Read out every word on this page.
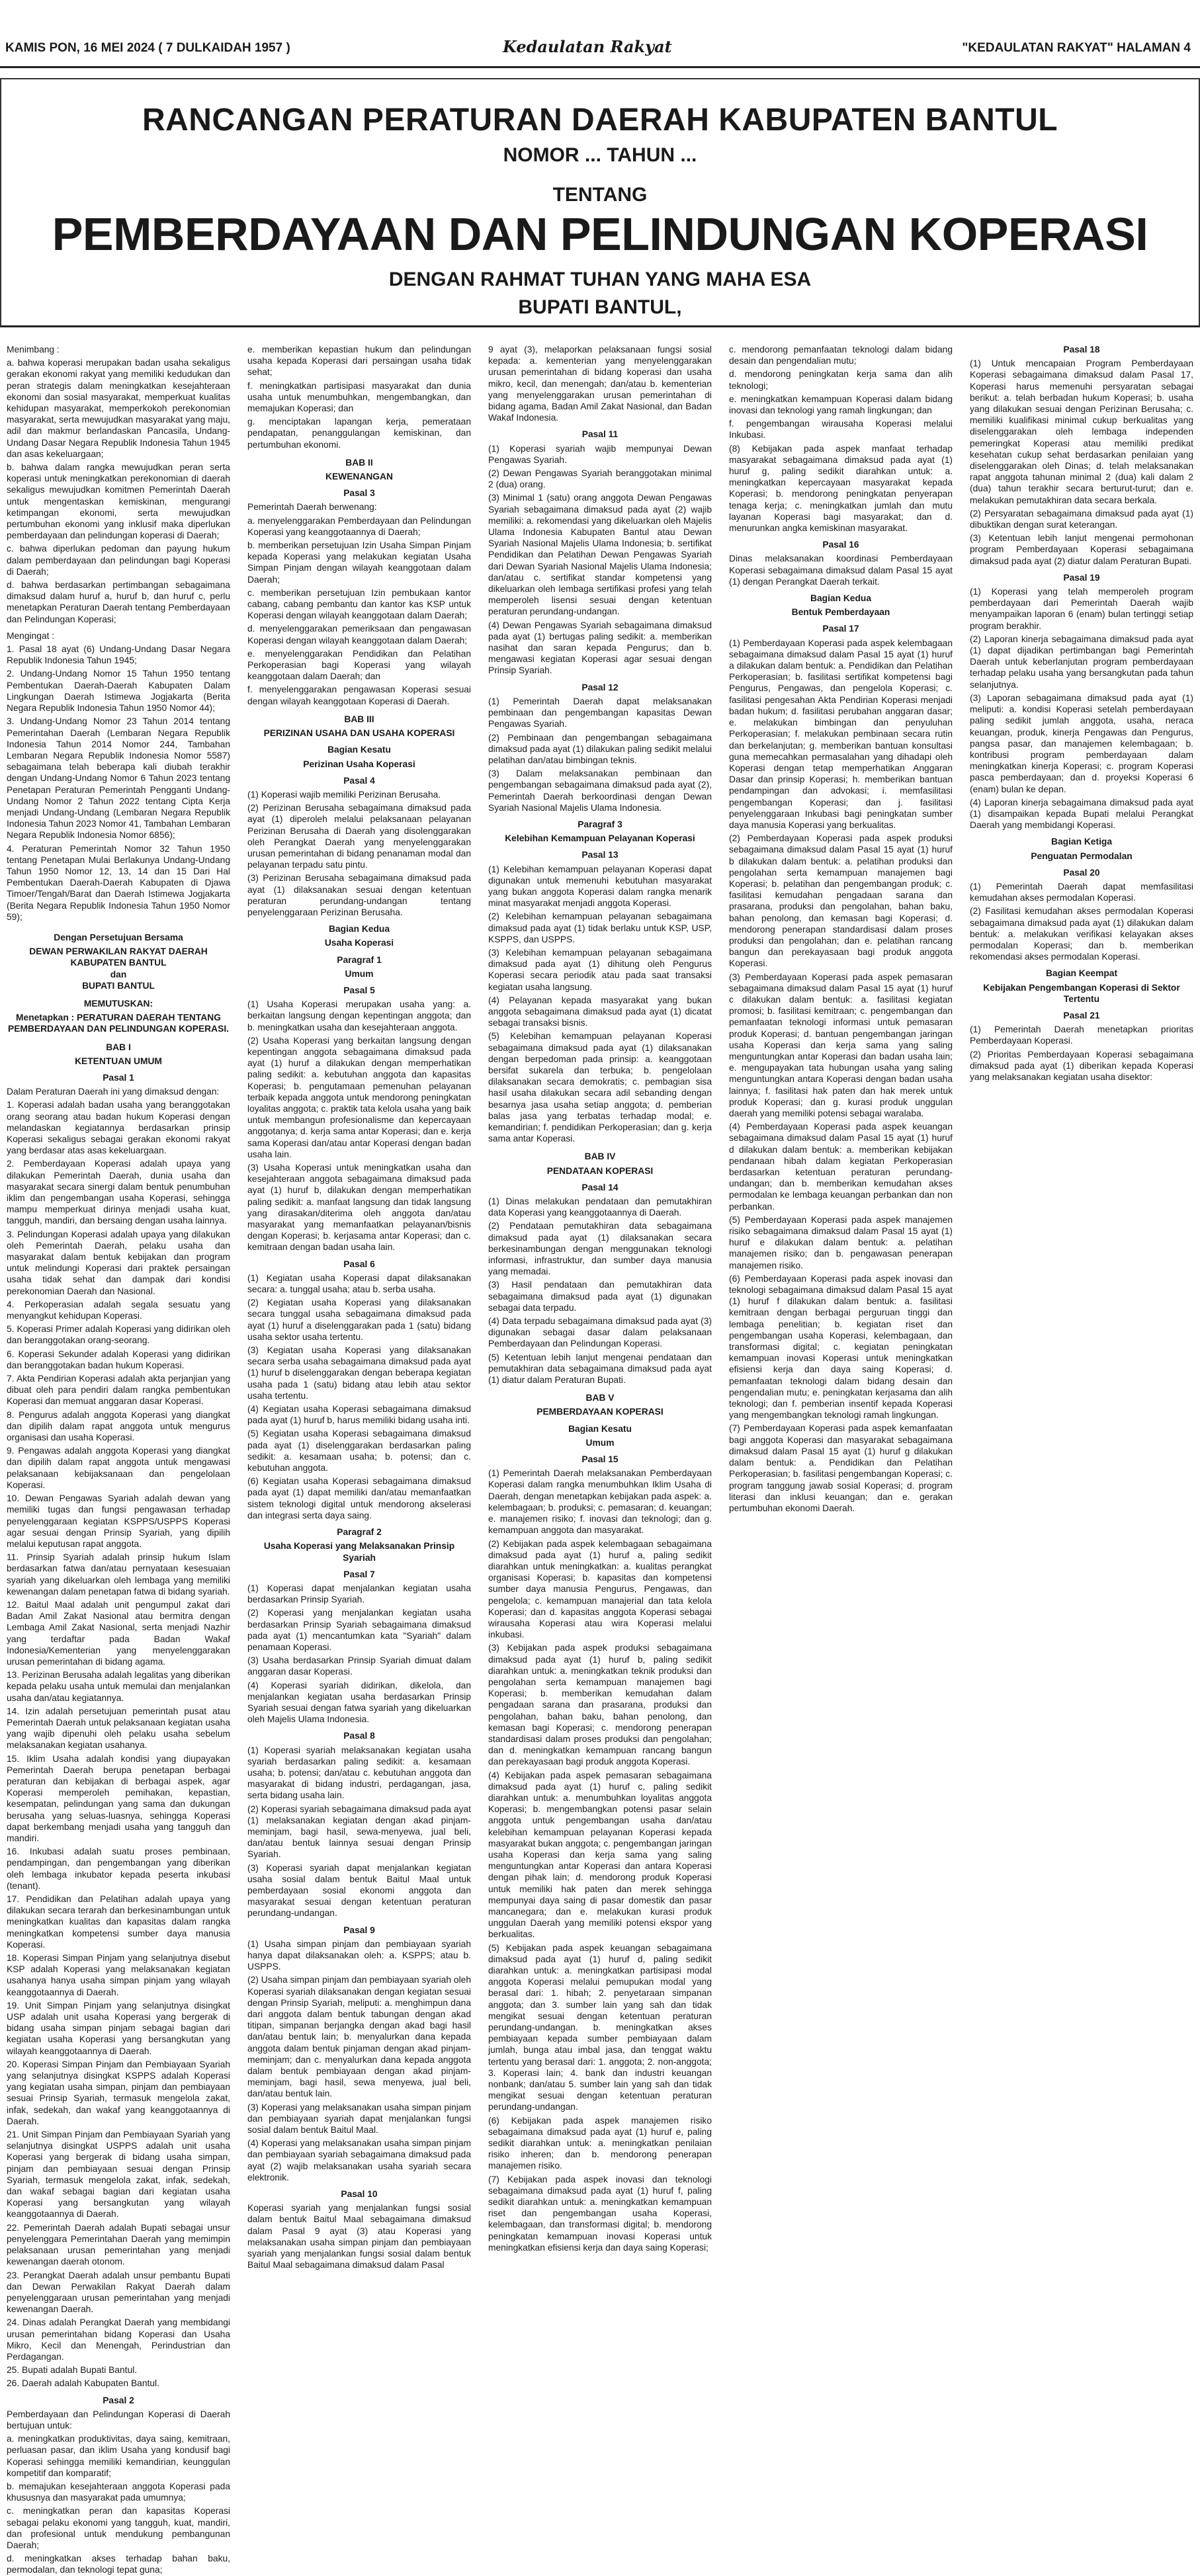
KAMIS PON, 16 MEI 2024 ( 7 DULKAIDAH 1957 )	Kedaulatan Rakyat	"KEDAULATAN RAKYAT" HALAMAN 4
RANCANGAN PERATURAN DAERAH KABUPATEN BANTUL
NOMOR ... TAHUN ...
TENTANG
PEMBERDAYAAN DAN PELINDUNGAN KOPERASI
DENGAN RAHMAT TUHAN YANG MAHA ESA
BUPATI BANTUL,

Menimbang :

a. bahwa koperasi merupakan badan usaha sekaligus gerakan ekonomi rakyat yang memiliki kedudukan dan peran strategis dalam meningkatkan kesejahteraan ekonomi dan sosial masyarakat, memperkuat kualitas kehidupan masyarakat, memperkokoh perekonomian masyarakat, serta mewujudkan masyarakat yang maju, adil dan makmur berlandaskan Pancasila, Undang-Undang Dasar Negara Republik Indonesia Tahun 1945 dan asas kekeluargaan;

b. bahwa dalam rangka mewujudkan peran serta koperasi untuk meningkatkan perekonomian di daerah sekaligus mewujudkan komitmen Pemerintah Daerah untuk mengentaskan kemiskinan, mengurangi ketimpangan ekonomi, serta mewujudkan pertumbuhan ekonomi yang inklusif maka diperlukan pemberdayaan dan pelindungan koperasi di Daerah;

c. bahwa diperlukan pedoman dan payung hukum dalam pemberdayaan dan pelindungan bagi Koperasi di Daerah;

d. bahwa berdasarkan pertimbangan sebagaimana dimaksud dalam huruf a, huruf b, dan huruf c, perlu menetapkan Peraturan Daerah tentang Pemberdayaan dan Pelindungan Koperasi;

Mengingat :

1. Pasal 18 ayat (6) Undang-Undang Dasar Negara Republik Indonesia Tahun 1945;

2. Undang-Undang Nomor 15 Tahun 1950 tentang Pembentukan Daerah-Daerah Kabupaten Dalam Lingkungan Daerah Istimewa Jogjakarta (Berita Negara Republik Indonesia Tahun 1950 Nomor 44);

3. Undang-Undang Nomor 23 Tahun 2014 tentang Pemerintahan Daerah (Lembaran Negara Republik Indonesia Tahun 2014 Nomor 244, Tambahan Lembaran Negara Republik Indonesia Nomor 5587) sebagaimana telah beberapa kali diubah terakhir dengan Undang-Undang Nomor 6 Tahun 2023 tentang Penetapan Peraturan Pemerintah Pengganti Undang-Undang Nomor 2 Tahun 2022 tentang Cipta Kerja menjadi Undang-Undang (Lembaran Negara Republik Indonesia Tahun 2023 Nomor 41, Tambahan Lembaran Negara Republik Indonesia Nomor 6856);

4. Peraturan Pemerintah Nomor 32 Tahun 1950 tentang Penetapan Mulai Berlakunya Undang-Undang Tahun 1950 Nomor 12, 13, 14 dan 15 Dari Hal Pembentukan Daerah-Daerah Kabupaten di Djawa Timoer/Tengah/Barat dan Daerah Istimewa Jogjakarta (Berita Negara Republik Indonesia Tahun 1950 Nomor 59);

Dengan Persetujuan Bersama
DEWAN PERWAKILAN RAKYAT DAERAH KABUPATEN BANTUL
dan
BUPATI BANTUL
MEMUTUSKAN:
Menetapkan : PERATURAN DAERAH TENTANG PEMBERDAYAAN DAN PELINDUNGAN KOPERASI.
BAB I
KETENTUAN UMUM
Pasal 1

Dalam Peraturan Daerah ini yang dimaksud dengan:

1. Koperasi adalah badan usaha yang beranggotakan orang seorang atau badan hukum Koperasi dengan melandaskan kegiatannya berdasarkan prinsip Koperasi sekaligus sebagai gerakan ekonomi rakyat yang berdasar atas asas kekeluargaan.

2. Pemberdayaan Koperasi adalah upaya yang dilakukan Pemerintah Daerah, dunia usaha dan masyarakat secara sinergi dalam bentuk penumbuhan iklim dan pengembangan usaha Koperasi, sehingga mampu memperkuat dirinya menjadi usaha kuat, tangguh, mandiri, dan bersaing dengan usaha lainnya.

3. Pelindungan Koperasi adalah upaya yang dilakukan oleh Pemerintah Daerah, pelaku usaha dan masyarakat dalam bentuk kebijakan dan program untuk melindungi Koperasi dari praktek persaingan usaha tidak sehat dan dampak dari kondisi perekonomian Daerah dan Nasional.

4. Perkoperasian adalah segala sesuatu yang menyangkut kehidupan Koperasi.

5. Koperasi Primer adalah Koperasi yang didirikan oleh dan beranggotakan orang-seorang.

6. Koperasi Sekunder adalah Koperasi yang didirikan dan beranggotakan badan hukum Koperasi.

7. Akta Pendirian Koperasi adalah akta perjanjian yang dibuat oleh para pendiri dalam rangka pembentukan Koperasi dan memuat anggaran dasar Koperasi.

8. Pengurus adalah anggota Koperasi yang diangkat dan dipilih dalam rapat anggota untuk mengurus organisasi dan usaha Koperasi.

9. Pengawas adalah anggota Koperasi yang diangkat dan dipilih dalam rapat anggota untuk mengawasi pelaksanaan kebijaksanaan dan pengelolaan Koperasi.

10. Dewan Pengawas Syariah adalah dewan yang memiliki tugas dan fungsi pengawasan terhadap penyelenggaraan kegiatan KSPPS/USPPS Koperasi agar sesuai dengan Prinsip Syariah, yang dipilih melalui keputusan rapat anggota.

11. Prinsip Syariah adalah prinsip hukum Islam berdasarkan fatwa dan/atau pernyataan kesesuaian syariah yang dikeluarkan oleh lembaga yang memiliki kewenangan dalam penetapan fatwa di bidang syariah.

12. Baitul Maal adalah unit pengumpul zakat dari Badan Amil Zakat Nasional atau bermitra dengan Lembaga Amil Zakat Nasional, serta menjadi Nazhir yang terdaftar pada Badan Wakaf Indonesia/Kementerian yang menyelenggarakan urusan pemerintahan di bidang agama.

13. Perizinan Berusaha adalah legalitas yang diberikan kepada pelaku usaha untuk memulai dan menjalankan usaha dan/atau kegiatannya.

14. Izin adalah persetujuan pemerintah pusat atau Pemerintah Daerah untuk pelaksanaan kegiatan usaha yang wajib dipenuhi oleh pelaku usaha sebelum melaksanakan kegiatan usahanya.

15. Iklim Usaha adalah kondisi yang diupayakan Pemerintah Daerah berupa penetapan berbagai peraturan dan kebijakan di berbagai aspek, agar Koperasi memperoleh pemihakan, kepastian, kesempatan, pelindungan yang sama dan dukungan berusaha yang seluas-luasnya, sehingga Koperasi dapat berkembang menjadi usaha yang tangguh dan mandiri.

16. Inkubasi adalah suatu proses pembinaan, pendampingan, dan pengembangan yang diberikan oleh lembaga inkubator kepada peserta inkubasi (tenant).

17. Pendidikan dan Pelatihan adalah upaya yang dilakukan secara terarah dan berkesinambungan untuk meningkatkan kualitas dan kapasitas dalam rangka meningkatkan kompetensi sumber daya manusia Koperasi.

18. Koperasi Simpan Pinjam yang selanjutnya disebut KSP adalah Koperasi yang melaksanakan kegiatan usahanya hanya usaha simpan pinjam yang wilayah keanggotaannya di Daerah.

19. Unit Simpan Pinjam yang selanjutnya disingkat USP adalah unit usaha Koperasi yang bergerak di bidang usaha simpan pinjam sebagai bagian dari kegiatan usaha Koperasi yang bersangkutan yang wilayah keanggotaannya di Daerah.

20. Koperasi Simpan Pinjam dan Pembiayaan Syariah yang selanjutnya disingkat KSPPS adalah Koperasi yang kegiatan usaha simpan, pinjam dan pembiayaan sesuai Prinsip Syariah, termasuk mengelola zakat, infak, sedekah, dan wakaf yang keanggotaannya di Daerah.

21. Unit Simpan Pinjam dan Pembiayaan Syariah yang selanjutnya disingkat USPPS adalah unit usaha Koperasi yang bergerak di bidang usaha simpan, pinjam dan pembiayaan sesuai dengan Prinsip Syariah, termasuk mengelola zakat, infak, sedekah, dan wakaf sebagai bagian dari kegiatan usaha Koperasi yang bersangkutan yang wilayah keanggotaannya di Daerah.

22. Pemerintah Daerah adalah Bupati sebagai unsur penyelenggara Pemerintahan Daerah yang memimpin pelaksanaan urusan pemerintahan yang menjadi kewenangan daerah otonom.

23. Perangkat Daerah adalah unsur pembantu Bupati dan Dewan Perwakilan Rakyat Daerah dalam penyelenggaraan urusan pemerintahan yang menjadi kewenangan Daerah.

24. Dinas adalah Perangkat Daerah yang membidangi urusan pemerintahan bidang Koperasi dan Usaha Mikro, Kecil dan Menengah, Perindustrian dan Perdagangan.

25. Bupati adalah Bupati Bantul.

26. Daerah adalah Kabupaten Bantul.

Pasal 2

Pemberdayaan dan Pelindungan Koperasi di Daerah bertujuan untuk:

a. meningkatkan produktivitas, daya saing, kemitraan, perluasan pasar, dan iklim Usaha yang kondusif bagi Koperasi sehingga memiliki kemandirian, keunggulan kompetitif dan komparatif;

b. memajukan kesejahteraan anggota Koperasi pada khususnya dan masyarakat pada umumnya;

c. meningkatkan peran dan kapasitas Koperasi sebagai pelaku ekonomi yang tangguh, kuat, mandiri, dan profesional untuk mendukung pembangunan Daerah;

d. meningkatkan akses terhadap bahan baku, permodalan, dan teknologi tepat guna;

e. memberikan kepastian hukum dan pelindungan usaha kepada Koperasi dari persaingan usaha tidak sehat;

f. meningkatkan partisipasi masyarakat dan dunia usaha untuk menumbuhkan, mengembangkan, dan memajukan Koperasi; dan

g. menciptakan lapangan kerja, pemerataan pendapatan, penanggulangan kemiskinan, dan pertumbuhan ekonomi.

BAB II
KEWENANGAN
Pasal 3

Pemerintah Daerah berwenang:

a. menyelenggarakan Pemberdayaan dan Pelindungan Koperasi yang keanggotaannya di Daerah;

b. memberikan persetujuan Izin Usaha Simpan Pinjam kepada Koperasi yang melakukan kegiatan Usaha Simpan Pinjam dengan wilayah keanggotaan dalam Daerah;

c. memberikan persetujuan Izin pembukaan kantor cabang, cabang pembantu dan kantor kas KSP untuk Koperasi dengan wilayah keanggotaan dalam Daerah;

d. menyelenggarakan pemeriksaan dan pengawasan Koperasi dengan wilayah keanggotaan dalam Daerah;

e. menyelenggarakan Pendidikan dan Pelatihan Perkoperasian bagi Koperasi yang wilayah keanggotaan dalam Daerah; dan

f. menyelenggarakan pengawasan Koperasi sesuai dengan wilayah keanggotaan Koperasi di Daerah.

BAB III
PERIZINAN USAHA DAN USAHA KOPERASI
Bagian Kesatu
Perizinan Usaha Koperasi
Pasal 4

(1) Koperasi wajib memiliki Perizinan Berusaha.

(2) Perizinan Berusaha sebagaimana dimaksud pada ayat (1) diperoleh melalui pelaksanaan pelayanan Perizinan Berusaha di Daerah yang disolenggarakan oleh Perangkat Daerah yang menyelenggarakan urusan pemerintahan di bidang penanaman modal dan pelayanan terpadu satu pintu.

(3) Perizinan Berusaha sebagaimana dimaksud pada ayat (1) dilaksanakan sesuai dengan ketentuan peraturan perundang-undangan tentang penyelenggaraan Perizinan Berusaha.

Bagian Kedua
Usaha Koperasi
Paragraf 1
Umum
Pasal 5

(1) Usaha Koperasi merupakan usaha yang: a. berkaitan langsung dengan kepentingan anggota; dan b. meningkatkan usaha dan kesejahteraan anggota.

(2) Usaha Koperasi yang berkaitan langsung dengan kepentingan anggota sebagaimana dimaksud pada ayat (1) huruf a dilakukan dengan memperhatikan paling sedikit: a. kebutuhan anggota dan kapasitas Koperasi; b. pengutamaan pemenuhan pelayanan terbaik kepada anggota untuk mendorong peningkatan loyalitas anggota; c. praktik tata kelola usaha yang baik untuk membangun profesionalisme dan kepercayaan anggotanya; d. kerja sama antar Koperasi; dan e. kerja sama Koperasi dan/atau antar Koperasi dengan badan usaha lain.

(3) Usaha Koperasi untuk meningkatkan usaha dan kesejahteraan anggota sebagaimana dimaksud pada ayat (1) huruf b, dilakukan dengan memperhatikan paling sedikit: a. manfaat langsung dan tidak langsung yang dirasakan/diterima oleh anggota dan/atau masyarakat yang memanfaatkan pelayanan/bisnis dengan Koperasi; b. kerjasama antar Koperasi; dan c. kemitraan dengan badan usaha lain.

Pasal 6

(1) Kegiatan usaha Koperasi dapat dilaksanakan secara: a. tunggal usaha; atau b. serba usaha.

(2) Kegiatan usaha Koperasi yang dilaksanakan secara tunggal usaha sebagaimana dimaksud pada ayat (1) huruf a diselenggarakan pada 1 (satu) bidang usaha sektor usaha tertentu.

(3) Kegiatan usaha Koperasi yang dilaksanakan secara serba usaha sebagaimana dimaksud pada ayat (1) huruf b diselenggarakan dengan beberapa kegiatan usaha pada 1 (satu) bidang atau lebih atau sektor usaha tertentu.

(4) Kegiatan usaha Koperasi sebagaimana dimaksud pada ayat (1) huruf b, harus memiliki bidang usaha inti.

(5) Kegiatan usaha Koperasi sebagaimana dimaksud pada ayat (1) diselenggarakan berdasarkan paling sedikit: a. kesamaan usaha; b. potensi; dan c. kebutuhan anggota.

(6) Kegiatan usaha Koperasi sebagaimana dimaksud pada ayat (1) dapat memiliki dan/atau memanfaatkan sistem teknologi digital untuk mendorong akselerasi dan integrasi serta daya saing.

Paragraf 2
Usaha Koperasi yang Melaksanakan Prinsip Syariah
Pasal 7

(1) Koperasi dapat menjalankan kegiatan usaha berdasarkan Prinsip Syariah.

(2) Koperasi yang menjalankan kegiatan usaha berdasarkan Prinsip Syariah sebagaimana dimaksud pada ayat (1) mencantumkan kata "Syariah" dalam penamaan Koperasi.

(3) Usaha berdasarkan Prinsip Syariah dimuat dalam anggaran dasar Koperasi.

(4) Koperasi syariah didirikan, dikelola, dan menjalankan kegiatan usaha berdasarkan Prinsip Syariah sesuai dengan fatwa syariah yang dikeluarkan oleh Majelis Ulama Indonesia.

Pasal 8

(1) Koperasi syariah melaksanakan kegiatan usaha syariah berdasarkan paling sedikit: a. kesamaan usaha; b. potensi; dan/atau c. kebutuhan anggota dan masyarakat di bidang industri, perdagangan, jasa, serta bidang usaha lain.

(2) Koperasi syariah sebagaimana dimaksud pada ayat (1) melaksanakan kegiatan dengan akad pinjam-meminjam, bagi hasil, sewa-menyewa, jual beli, dan/atau bentuk lainnya sesuai dengan Prinsip Syariah.

(3) Koperasi syariah dapat menjalankan kegiatan usaha sosial dalam bentuk Baitul Maal untuk pemberdayaan sosial ekonomi anggota dan masyarakat sesuai dengan ketentuan peraturan perundang-undangan.

Pasal 9

(1) Usaha simpan pinjam dan pembiayaan syariah hanya dapat dilaksanakan oleh: a. KSPPS; atau b. USPPS.

(2) Usaha simpan pinjam dan pembiayaan syariah oleh Koperasi syariah dilaksanakan dengan kegiatan sesuai dengan Prinsip Syariah, meliputi: a. menghimpun dana dari anggota dalam bentuk tabungan dengan akad titipan, simpanan berjangka dengan akad bagi hasil dan/atau bentuk lain; b. menyalurkan dana kepada anggota dalam bentuk pinjaman dengan akad pinjam-meminjam; dan c. menyalurkan dana kepada anggota dalam bentuk pembiayaan dengan akad pinjam-meminjam, bagi hasil, sewa menyewa, jual beli, dan/atau bentuk lain.

(3) Koperasi yang melaksanakan usaha simpan pinjam dan pembiayaan syariah dapat menjalankan fungsi sosial dalam bentuk Baitul Maal.

(4) Koperasi yang melaksanakan usaha simpan pinjam dan pembiayaan syariah sebagaimana dimaksud pada ayat (2) wajib melaksanakan usaha syariah secara elektronik.

Pasal 10

Koperasi syariah yang menjalankan fungsi sosial dalam bentuk Baitul Maal sebagaimana dimaksud dalam Pasal 9 ayat (3) atau Koperasi yang melaksanakan usaha simpan pinjam dan pembiayaan syariah yang menjalankan fungsi sosial dalam bentuk Baitul Maal sebagaimana dimaksud dalam Pasal

9 ayat (3), melaporkan pelaksanaan fungsi sosial kepada: a. kementerian yang menyelenggarakan urusan pemerintahan di bidang koperasi dan usaha mikro, kecil, dan menengah; dan/atau b. kementerian yang menyelenggarakan urusan pemerintahan di bidang agama, Badan Amil Zakat Nasional, dan Badan Wakaf Indonesia.

Pasal 11

(1) Koperasi syariah wajib mempunyai Dewan Pengawas Syariah.

(2) Dewan Pengawas Syariah beranggotakan minimal 2 (dua) orang.

(3) Minimal 1 (satu) orang anggota Dewan Pengawas Syariah sebagaimana dimaksud pada ayat (2) wajib memiliki: a. rekomendasi yang dikeluarkan oleh Majelis Ulama Indonesia Kabupaten Bantul atau Dewan Syariah Nasional Majelis Ulama Indonesia; b. sertifikat Pendidikan dan Pelatihan Dewan Pengawas Syariah dari Dewan Syariah Nasional Majelis Ulama Indonesia; dan/atau c. sertifikat standar kompetensi yang dikeluarkan oleh lembaga sertifikasi profesi yang telah memperoleh lisensi sesuai dengan ketentuan peraturan perundang-undangan.

(4) Dewan Pengawas Syariah sebagaimana dimaksud pada ayat (1) bertugas paling sedikit: a. memberikan nasihat dan saran kepada Pengurus; dan b. mengawasi kegiatan Koperasi agar sesuai dengan Prinsip Syariah.

Pasal 12

(1) Pemerintah Daerah dapat melaksanakan pembinaan dan pengembangan kapasitas Dewan Pengawas Syariah.

(2) Pembinaan dan pengembangan sebagaimana dimaksud pada ayat (1) dilakukan paling sedikit melalui pelatihan dan/atau bimbingan teknis.

(3) Dalam melaksanakan pembinaan dan pengembangan sebagaimana dimaksud pada ayat (2), Pemerintah Daerah berkoordinasi dengan Dewan Syariah Nasional Majelis Ulama Indonesia.

Paragraf 3
Kelebihan Kemampuan Pelayanan Koperasi
Pasal 13

(1) Kelebihan kemampuan pelayanan Koperasi dapat digunakan untuk memenuhi kebutuhan masyarakat yang bukan anggota Koperasi dalam rangka menarik minat masyarakat menjadi anggota Koperasi.

(2) Kelebihan kemampuan pelayanan sebagaimana dimaksud pada ayat (1) tidak berlaku untuk KSP, USP, KSPPS, dan USPPS.

(3) Kelebihan kemampuan pelayanan sebagaimana dimaksud pada ayat (1) dihitung oleh Pengurus Koperasi secara periodik atau pada saat transaksi kegiatan usaha langsung.

(4) Pelayanan kepada masyarakat yang bukan anggota sebagaimana dimaksud pada ayat (1) dicatat sebagai transaksi bisnis.

(5) Kelebihan kemampuan pelayanan Koperasi sebagaimana dimaksud pada ayat (1) dilaksanakan dengan berpedoman pada prinsip: a. keanggotaan bersifat sukarela dan terbuka; b. pengelolaan dilaksanakan secara demokratis; c. pembagian sisa hasil usaha dilakukan secara adil sebanding dengan besarnya jasa usaha setiap anggota; d. pemberian balas jasa yang terbatas terhadap modal; e. kemandirian; f. pendidikan Perkoperasian; dan g. kerja sama antar Koperasi.

BAB IV
PENDATAAN KOPERASI
Pasal 14

(1) Dinas melakukan pendataan dan pemutakhiran data Koperasi yang keanggotaannya di Daerah.

(2) Pendataan pemutakhiran data sebagaimana dimaksud pada ayat (1) dilaksanakan secara berkesinambungan dengan menggunakan teknologi informasi, infrastruktur, dan sumber daya manusia yang memadai.

(3) Hasil pendataan dan pemutakhiran data sebagaimana dimaksud pada ayat (1) digunakan sebagai data terpadu.

(4) Data terpadu sebagaimana dimaksud pada ayat (3) digunakan sebagai dasar dalam pelaksanaan Pemberdayaan dan Pelindungan Koperasi.

(5) Ketentuan lebih lanjut mengenai pendataan dan pemutakhiran data sebagaimana dimaksud pada ayat (1) diatur dalam Peraturan Bupati.

BAB V
PEMBERDAYAAN KOPERASI
Bagian Kesatu
Umum
Pasal 15

(1) Pemerintah Daerah melaksanakan Pemberdayaan Koperasi dalam rangka menumbuhkan Iklim Usaha di Daerah, dengan menetapkan kebijakan pada aspek: a. kelembagaan; b. produksi; c. pemasaran; d. keuangan; e. manajemen risiko; f. inovasi dan teknologi; dan g. kemampuan anggota dan masyarakat.

(2) Kebijakan pada aspek kelembagaan sebagaimana dimaksud pada ayat (1) huruf a, paling sedikit diarahkan untuk meningkatkan: a. kualitas perangkat organisasi Koperasi; b. kapasitas dan kompetensi sumber daya manusia Pengurus, Pengawas, dan pengelola; c. kemampuan manajerial dan tata kelola Koperasi; dan d. kapasitas anggota Koperasi sebagai wirausaha Koperasi atau wira Koperasi melalui inkubasi.

(3) Kebijakan pada aspek produksi sebagaimana dimaksud pada ayat (1) huruf b, paling sedikit diarahkan untuk: a. meningkatkan teknik produksi dan pengolahan serta kemampuan manajemen bagi Koperasi; b. memberikan kemudahan dalam pengadaan sarana dan prasarana, produksi dan pengolahan, bahan baku, bahan penolong, dan kemasan bagi Koperasi; c. mendorong penerapan standardisasi dalam proses produksi dan pengolahan; dan d. meningkatkan kemampuan rancang bangun dan perekayasaan bagi produk anggota Koperasi.

(4) Kebijakan pada aspek pemasaran sebagaimana dimaksud pada ayat (1) huruf c, paling sedikit diarahkan untuk: a. menumbuhkan loyalitas anggota Koperasi; b. mengembangkan potensi pasar selain anggota untuk pengembangan usaha dan/atau kelebihan kemampuan pelayanan Koperasi kepada masyarakat bukan anggota; c. pengembangan jaringan usaha Koperasi dan kerja sama yang saling menguntungkan antar Koperasi dan antara Koperasi dengan pihak lain; d. mendorong produk Koperasi untuk memiliki hak paten dan merek sehingga mempunyai daya saing di pasar domestik dan pasar mancanegara; dan e. melakukan kurasi produk unggulan Daerah yang memiliki potensi ekspor yang berkualitas.

(5) Kebijakan pada aspek keuangan sebagaimana dimaksud pada ayat (1) huruf d, paling sedikit diarahkan untuk: a. meningkatkan partisipasi modal anggota Koperasi melalui pemupukan modal yang berasal dari: 1. hibah; 2. penyetaraan simpanan anggota; dan 3. sumber lain yang sah dan tidak mengikat sesuai dengan ketentuan peraturan perundang-undangan. b. meningkatkan akses pembiayaan kepada sumber pembiayaan dalam jumlah, bunga atau imbal jasa, dan tenggat waktu tertentu yang berasal dari: 1. anggota; 2. non-anggota; 3. Koperasi lain; 4. bank dan industri keuangan nonbank; dan/atau 5. sumber lain yang sah dan tidak mengikat sesuai dengan ketentuan peraturan perundang-undangan.

(6) Kebijakan pada aspek manajemen risiko sebagaimana dimaksud pada ayat (1) huruf e, paling sedikit diarahkan untuk: a. meningkatkan penilaian risiko inheren; dan b. mendorong penerapan manajemen risiko.

(7) Kebijakan pada aspek inovasi dan teknologi sebagaimana dimaksud pada ayat (1) huruf f, paling sedikit diarahkan untuk: a. meningkatkan kemampuan riset dan pengembangan usaha Koperasi, kelembagaan, dan transformasi digital; b. mendorong peningkatan kemampuan inovasi Koperasi untuk meningkatkan efisiensi kerja dan daya saing Koperasi;

c. mendorong pemanfaatan teknologi dalam bidang desain dan pengendalian mutu;

d. mendorong peningkatan kerja sama dan alih teknologi;

e. meningkatkan kemampuan Koperasi dalam bidang inovasi dan teknologi yang ramah lingkungan; dan

f. pengembangan wirausaha Koperasi melalui Inkubasi.

(8) Kebijakan pada aspek manfaat terhadap masyarakat sebagaimana dimaksud pada ayat (1) huruf g, paling sedikit diarahkan untuk: a. meningkatkan kepercayaan masyarakat kepada Koperasi; b. mendorong peningkatan penyerapan tenaga kerja; c. meningkatkan jumlah dan mutu layanan Koperasi bagi masyarakat; dan d. menurunkan angka kemiskinan masyarakat.

Pasal 16

Dinas melaksanakan koordinasi Pemberdayaan Koperasi sebagaimana dimaksud dalam Pasal 15 ayat (1) dengan Perangkat Daerah terkait.

Bagian Kedua
Bentuk Pemberdayaan
Pasal 17

(1) Pemberdayaan Koperasi pada aspek kelembagaan sebagaimana dimaksud dalam Pasal 15 ayat (1) huruf a dilakukan dalam bentuk: a. Pendidikan dan Pelatihan Perkoperasian; b. fasilitasi sertifikat kompetensi bagi Pengurus, Pengawas, dan pengelola Koperasi; c. fasilitasi pengesahan Akta Pendirian Koperasi menjadi badan hukum; d. fasilitasi perubahan anggaran dasar; e. melakukan bimbingan dan penyuluhan Perkoperasian; f. melakukan pembinaan secara rutin dan berkelanjutan; g. memberikan bantuan konsultasi guna memecahkan permasalahan yang dihadapi oleh Koperasi dengan tetap memperhatikan Anggaran Dasar dan prinsip Koperasi; h. memberikan bantuan pendampingan dan advokasi; i. memfasilitasi pengembangan Koperasi; dan j. fasilitasi penyelenggaraan Inkubasi bagi peningkatan sumber daya manusia Koperasi yang berkualitas.

(2) Pemberdayaan Koperasi pada aspek produksi sebagaimana dimaksud dalam Pasal 15 ayat (1) huruf b dilakukan dalam bentuk: a. pelatihan produksi dan pengolahan serta kemampuan manajemen bagi Koperasi; b. pelatihan dan pengembangan produk; c. fasilitasi kemudahan pengadaan sarana dan prasarana, produksi dan pengolahan, bahan baku, bahan penolong, dan kemasan bagi Koperasi; d. mendorong penerapan standardisasi dalam proses produksi dan pengolahan; dan e. pelatihan rancang bangun dan perekayasaan bagi produk anggota Koperasi.

(3) Pemberdayaan Koperasi pada aspek pemasaran sebagaimana dimaksud dalam Pasal 15 ayat (1) huruf c dilakukan dalam bentuk: a. fasilitasi kegiatan promosi; b. fasilitasi kemitraan; c. pengembangan dan pemanfaatan teknologi informasi untuk pemasaran produk Koperasi; d. bantuan pengembangan jaringan usaha Koperasi dan kerja sama yang saling menguntungkan antar Koperasi dan badan usaha lain; e. mengupayakan tata hubungan usaha yang saling menguntungkan antara Koperasi dengan badan usaha lainnya; f. fasilitasi hak paten dan hak merek untuk produk Koperasi; dan g. kurasi produk unggulan daerah yang memiliki potensi sebagai waralaba.

(4) Pemberdayaan Koperasi pada aspek keuangan sebagaimana dimaksud dalam Pasal 15 ayat (1) huruf d dilakukan dalam bentuk: a. memberikan kebijakan pendanaan hibah dalam kegiatan Perkoperasian berdasarkan ketentuan peraturan perundang-undangan; dan b. memberikan kemudahan akses permodalan ke lembaga keuangan perbankan dan non perbankan.

(5) Pemberdayaan Koperasi pada aspek manajemen risiko sebagaimana dimaksud dalam Pasal 15 ayat (1) huruf e dilakukan dalam bentuk: a. pelatihan manajemen risiko; dan b. pengawasan penerapan manajemen risiko.

(6) Pemberdayaan Koperasi pada aspek inovasi dan teknologi sebagaimana dimaksud dalam Pasal 15 ayat (1) huruf f dilakukan dalam bentuk: a. fasilitasi kemitraan dengan berbagai perguruan tinggi dan lembaga penelitian; b. kegiatan riset dan pengembangan usaha Koperasi, kelembagaan, dan transformasi digital; c. kegiatan peningkatan kemampuan inovasi Koperasi untuk meningkatkan efisiensi kerja dan daya saing Koperasi; d. pemanfaatan teknologi dalam bidang desain dan pengendalian mutu; e. peningkatan kerjasama dan alih teknologi; dan f. pemberian insentif kepada Koperasi yang mengembangkan teknologi ramah lingkungan.

(7) Pemberdayaan Koperasi pada aspek kemanfaatan bagi anggota Koperasi dan masyarakat sebagaimana dimaksud dalam Pasal 15 ayat (1) huruf g dilakukan dalam bentuk: a. Pendidikan dan Pelatihan Perkoperasian; b. fasilitasi pengembangan Koperasi; c. program tanggung jawab sosial Koperasi; d. program literasi dan inklusi keuangan; dan e. gerakan pertumbuhan ekonomi Daerah.

Pasal 18

(1) Untuk mencapaian Program Pemberdayaan Koperasi sebagaimana dimaksud dalam Pasal 17, Koperasi harus memenuhi persyaratan sebagai berikut: a. telah berbadan hukum Koperasi; b. usaha yang dilakukan sesuai dengan Perizinan Berusaha; c. memiliki kualifikasi minimal cukup berkualitas yang diselenggarakan oleh lembaga independen pemeringkat Koperasi atau memiliki predikat kesehatan cukup sehat berdasarkan penilaian yang diselenggarakan oleh Dinas; d. telah melaksanakan rapat anggota tahunan minimal 2 (dua) kali dalam 2 (dua) tahun terakhir secara berturut-turut; dan e. melakukan pemutakhiran data secara berkala.

(2) Persyaratan sebagaimana dimaksud pada ayat (1) dibuktikan dengan surat keterangan.

(3) Ketentuan lebih lanjut mengenai permohonan program Pemberdayaan Koperasi sebagaimana dimaksud pada ayat (2) diatur dalam Peraturan Bupati.

Pasal 19

(1) Koperasi yang telah memperoleh program pemberdayaan dari Pemerintah Daerah wajib menyampaikan laporan 6 (enam) bulan tertinggi setiap program berakhir.

(2) Laporan kinerja sebagaimana dimaksud pada ayat (1) dapat dijadikan pertimbangan bagi Pemerintah Daerah untuk keberlanjutan program pemberdayaan terhadap pelaku usaha yang bersangkutan pada tahun selanjutnya.

(3) Laporan sebagaimana dimaksud pada ayat (1) meliputi: a. kondisi Koperasi setelah pemberdayaan paling sedikit jumlah anggota, usaha, neraca keuangan, produk, kinerja Pengawas dan Pengurus, pangsa pasar, dan manajemen kelembagaan; b. kontribusi program pemberdayaan dalam meningkatkan kinerja Koperasi; c. program Koperasi pasca pemberdayaan; dan d. proyeksi Koperasi 6 (enam) bulan ke depan.

(4) Laporan kinerja sebagaimana dimaksud pada ayat (1) disampaikan kepada Bupati melalui Perangkat Daerah yang membidangi Koperasi.

Bagian Ketiga
Penguatan Permodalan
Pasal 20

(1) Pemerintah Daerah dapat memfasilitasi kemudahan akses permodalan Koperasi.

(2) Fasilitasi kemudahan akses permodalan Koperasi sebagaimana dimaksud pada ayat (1) dilakukan dalam bentuk: a. melakukan verifikasi kelayakan akses permodalan Koperasi; dan b. memberikan rekomendasi akses permodalan Koperasi.

Bagian Keempat
Kebijakan Pengembangan Koperasi di Sektor Tertentu
Pasal 21

(1) Pemerintah Daerah menetapkan prioritas Pemberdayaan Koperasi.

(2) Prioritas Pemberdayaan Koperasi sebagaimana dimaksud pada ayat (1) diberikan kepada Koperasi yang melaksanakan kegiatan usaha disektor:
